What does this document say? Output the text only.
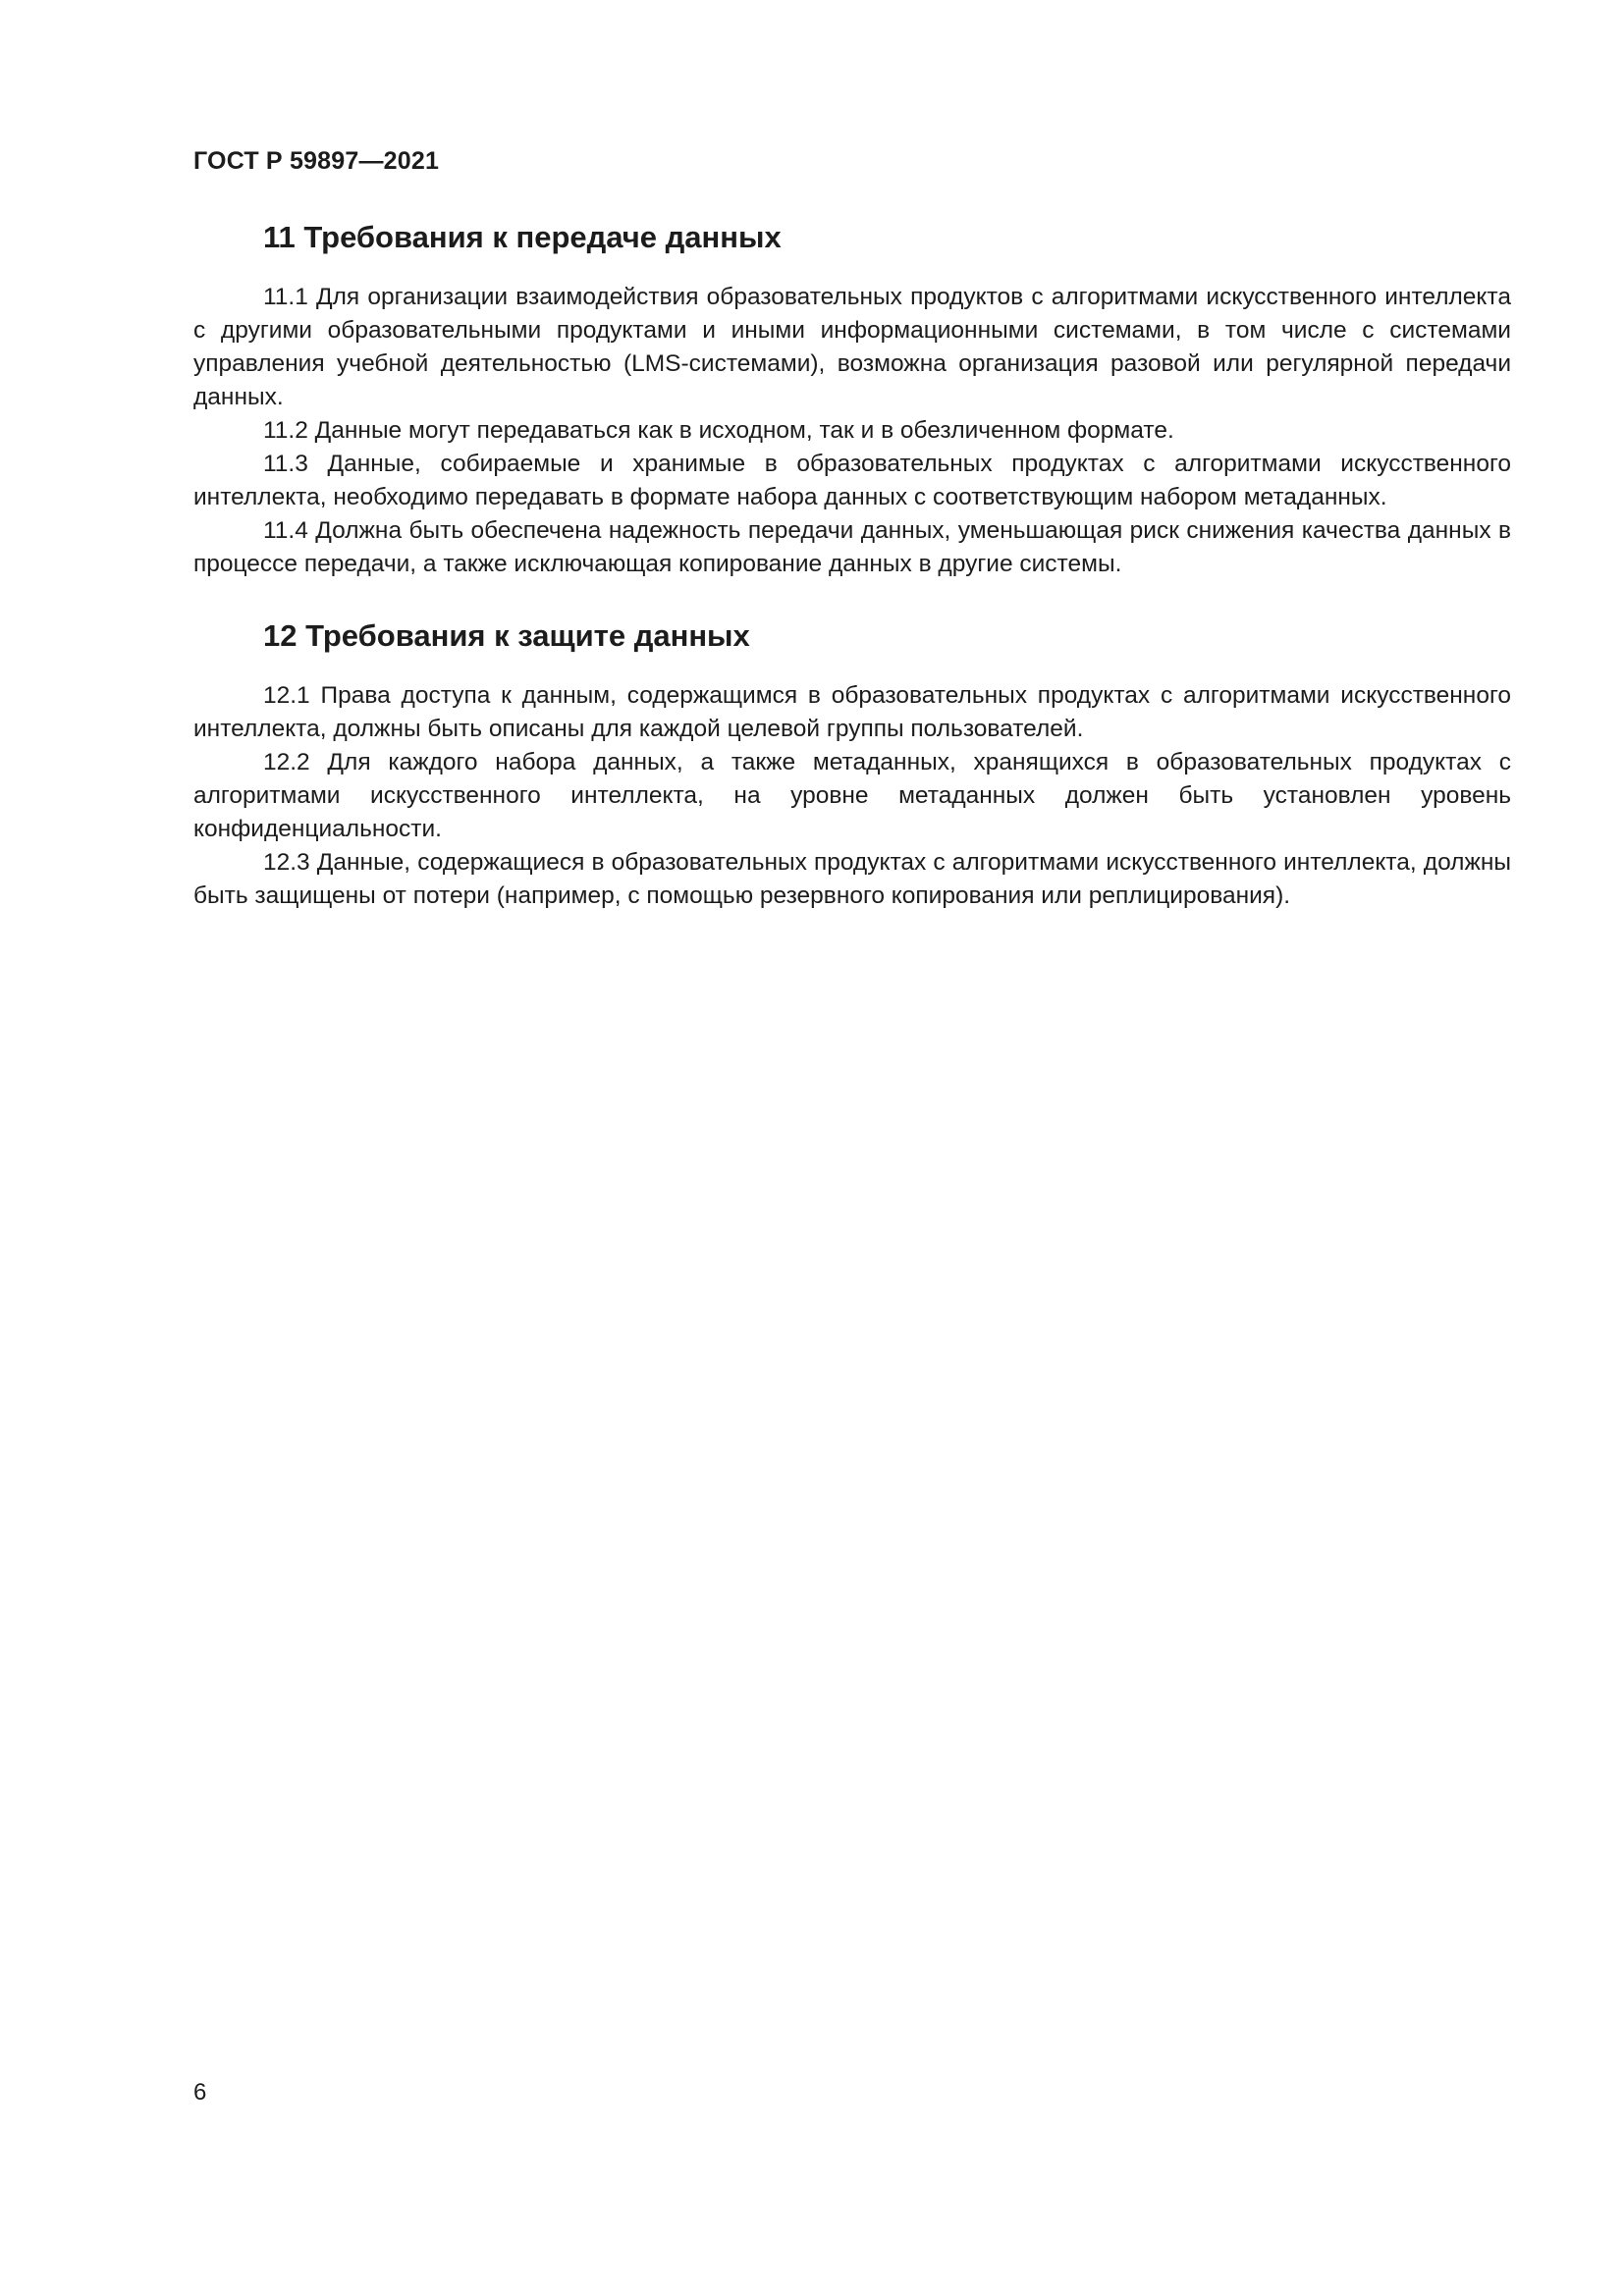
ГОСТ Р 59897—2021
11 Требования к передаче данных

11.1 Для организации взаимодействия образовательных продуктов с алгоритмами искусственного интеллекта с другими образовательными продуктами и иными информационными системами, в том числе с системами управления учебной деятельностью (LMS-системами), возможна организация разовой или регулярной передачи данных.

11.2 Данные могут передаваться как в исходном, так и в обезличенном формате.

11.3 Данные, собираемые и хранимые в образовательных продуктах с алгоритмами искусственного интеллекта, необходимо передавать в формате набора данных с соответствующим набором метаданных.

11.4 Должна быть обеспечена надежность передачи данных, уменьшающая риск снижения качества данных в процессе передачи, а также исключающая копирование данных в другие системы.

12 Требования к защите данных

12.1 Права доступа к данным, содержащимся в образовательных продуктах с алгоритмами искусственного интеллекта, должны быть описаны для каждой целевой группы пользователей.

12.2 Для каждого набора данных, а также метаданных, хранящихся в образовательных продуктах с алгоритмами искусственного интеллекта, на уровне метаданных должен быть установлен уровень конфиденциальности.

12.3 Данные, содержащиеся в образовательных продуктах с алгоритмами искусственного интеллекта, должны быть защищены от потери (например, с помощью резервного копирования или реплицирования).

6
